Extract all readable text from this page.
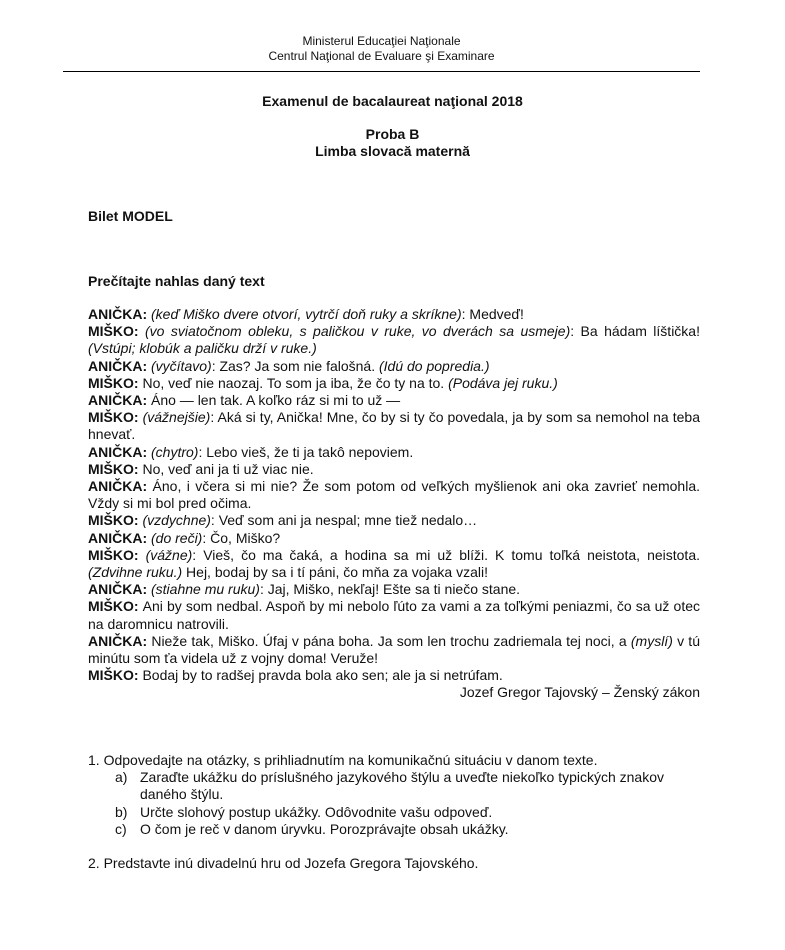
Ministerul Educaţiei Naţionale
Centrul Naţional de Evaluare şi Examinare
Examenul de bacalaureat naţional 2018
Proba B
Limba slovacă maternă
Bilet MODEL
Prečítajte nahlas daný text

ANIČKA: (keď Miško dvere otvorí, vytrčí doň ruky a skríkne): Medveď!

MIŠKO: (vo sviatočnom obleku, s paličkou v ruke, vo dverách sa usmeje): Ba hádam líštička! (Vstúpi; klobúk a paličku drží v ruke.)

ANIČKA: (vyčítavo): Zas? Ja som nie falošná. (Idú do popredia.)

MIŠKO: No, veď nie naozaj. To som ja iba, že čo ty na to. (Podáva jej ruku.)

ANIČKA: Áno — len tak. A koľko ráz si mi to už —

MIŠKO: (vážnejšie): Aká si ty, Anička! Mne, čo by si ty čo povedala, ja by som sa nemohol na teba hnevať.

ANIČKA: (chytro): Lebo vieš, že ti ja takô nepoviem.

MIŠKO: No, veď ani ja ti už viac nie.

ANIČKA: Áno, i včera si mi nie? Že som potom od veľkých myšlienok ani oka zavrieť nemohla. Vždy si mi bol pred očima.

MIŠKO: (vzdychne): Veď som ani ja nespal; mne tiež nedalo…

ANIČKA: (do reči): Čo, Miško?

MIŠKO: (vážne): Vieš, čo ma čaká, a hodina sa mi už blíži. K tomu toľká neistota, neistota. (Zdvihne ruku.) Hej, bodaj by sa i tí páni, čo mňa za vojaka vzali!

ANIČKA: (stiahne mu ruku): Jaj, Miško, nekľaj! Ešte sa ti niečo stane.

MIŠKO: Ani by som nedbal. Aspoň by mi nebolo ľúto za vami a za toľkými peniazmi, čo sa už otec na daromnicu natrovili.

ANIČKA: Nieže tak, Miško. Úfaj v pána boha. Ja som len trochu zadriemala tej noci, a (myslí) v tú minútu som ťa videla už z vojny doma! Veruže!

MIŠKO: Bodaj by to radšej pravda bola ako sen; ale ja si netrúfam.

Jozef Gregor Tajovský – Ženský zákon

1. Odpovedajte na otázky, s prihliadnutím na komunikačnú situáciu v danom texte.

a) Zaraďte ukážku do príslušného jazykového štýlu a uveďte niekoľko typických znakov daného štýlu.
b) Určte slohový postup ukážky. Odôvodnite vašu odpoveď.
c) O čom je reč v danom úryvku. Porozprávajte obsah ukážky.

2. Predstavte inú divadelnú hru od Jozefa Gregora Tajovského.
